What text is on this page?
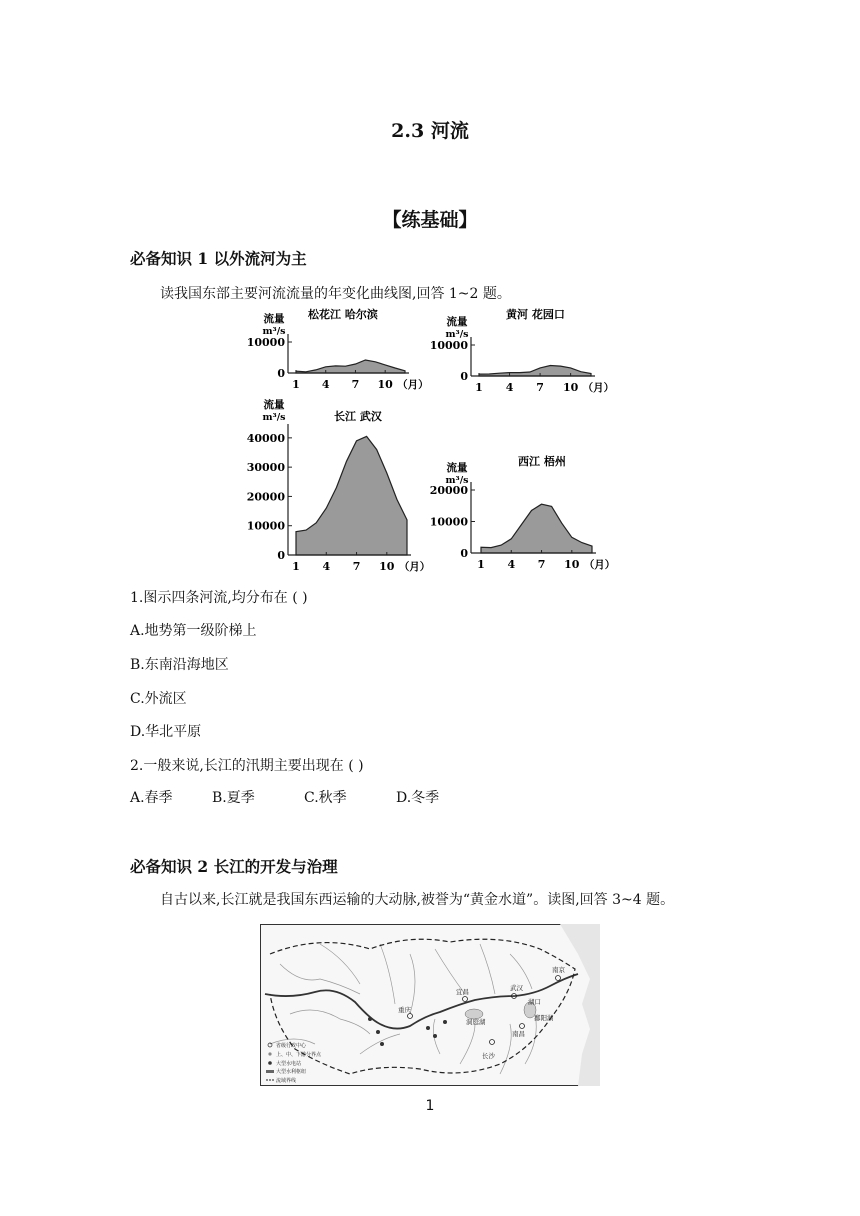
2.3 河流
【练基础】
必备知识 1 以外流河为主
读我国东部主要河流流量的年变化曲线图,回答 1~2 题。
0
10000
1 4 7 10 （月）
流量
m³/s
松花江 哈尔滨
0
10000
1 4 7 10 （月）
流量
m³/s
黄河 花园口
0
10000
20000
30000
40000
1 4 7 10 （月）
流量
m³/s	长江 武汉
0
10000
20000
1 4 7 10 （月）
流量
m³/s
西江 梧州
1.图示四条河流,均分布在 ( )
A.地势第一级阶梯上
B.东南沿海地区
C.外流区
D.华北平原
2.一般来说,长江的汛期主要出现在 ( )
A.春季	B.夏季	C.秋季	D.冬季
必备知识 2 长江的开发与治理
自古以来,长江就是我国东西运输的大动脉,被誉为“黄金水道”。读图,回答 3~4 题。
重庆
长沙
南昌
武汉
洞庭湖	鄱阳湖
宜昌
南京
湖口
省级行政中心
上、中、下游分界点
大型水电站
大型水利枢纽
流域界线
1
